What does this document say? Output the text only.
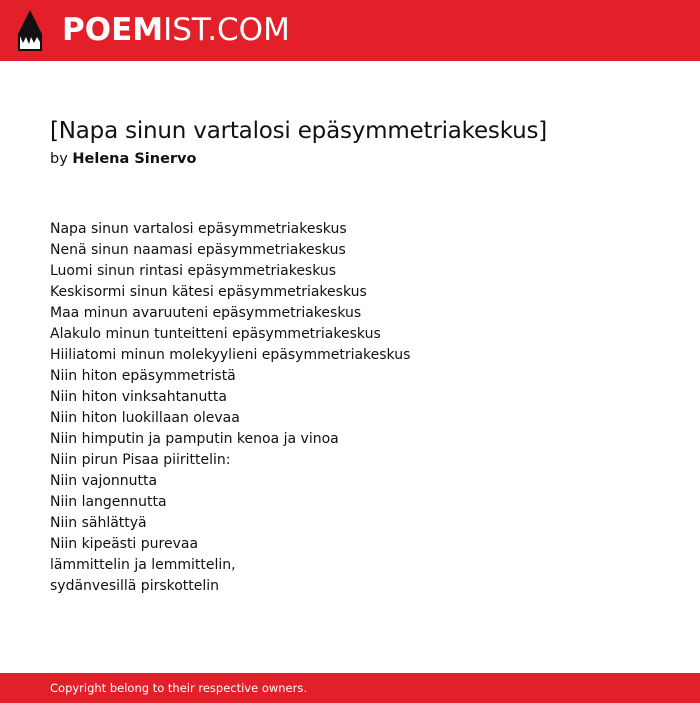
POEMIST.COM
[Napa sinun vartalosi epäsymmetriakeskus]
by Helena Sinervo
Napa sinun vartalosi epäsymmetriakeskus
Nenä sinun naamasi epäsymmetriakeskus
Luomi sinun rintasi epäsymmetriakeskus
Keskisormi sinun kätesi epäsymmetriakeskus
Maa minun avaruuteni epäsymmetriakeskus
Alakulo minun tunteitteni epäsymmetriakeskus
Hiiliatomi minun molekyylieni epäsymmetriakeskus
Niin hiton epäsymmetristä
Niin hiton vinksahtanutta
Niin hiton luokillaan olevaa
Niin himputin ja pamputin kenoa ja vinoa
Niin pirun Pisaa piirittelin:
Niin vajonnutta
Niin langennutta
Niin sählättyä
Niin kipeästi purevaa
lämmittelin ja lemmittelin,
sydänvesillä pirskottelin
Copyright belong to their respective owners.
